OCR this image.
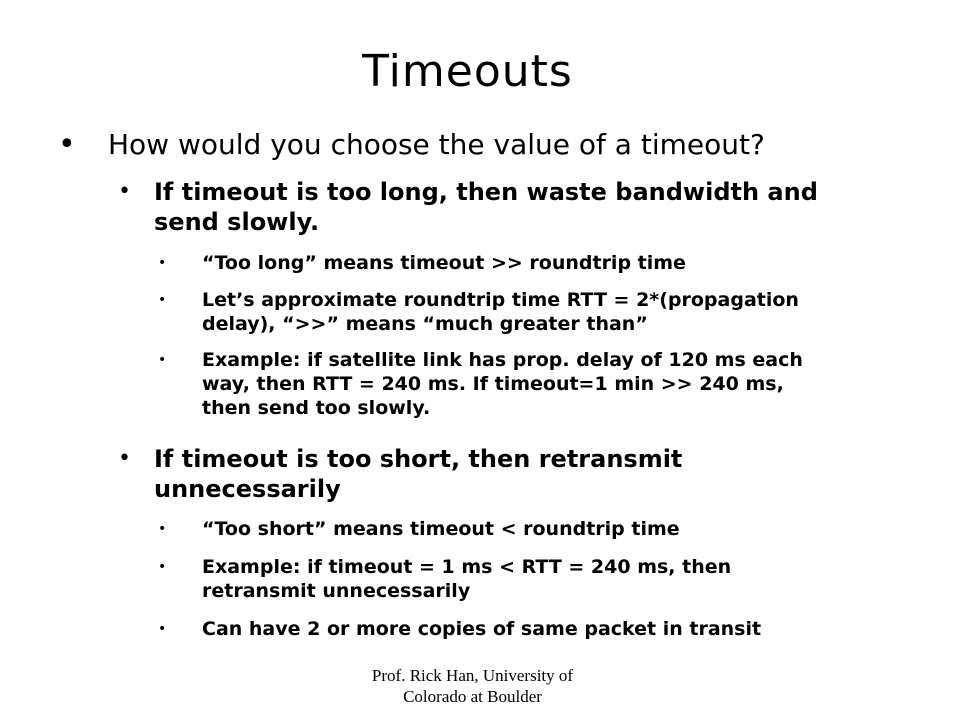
Timeouts
• How would you choose the value of a timeout?
• If timeout is too long, then waste bandwidth and
send slowly.
• “Too long” means timeout >> roundtrip time
• Let’s approximate roundtrip time RTT = 2*(propagation
delay), “>>” means “much greater than”
• Example: if satellite link has prop. delay of 120 ms each
way, then RTT = 240 ms. If timeout=1 min >> 240 ms,
then send too slowly.
• If timeout is too short, then retransmit
unnecessarily
• “Too short” means timeout < roundtrip time
• Example: if timeout = 1 ms < RTT = 240 ms, then
retransmit unnecessarily
• Can have 2 or more copies of same packet in transit
Prof. Rick Han, University of
Colorado at Boulder
